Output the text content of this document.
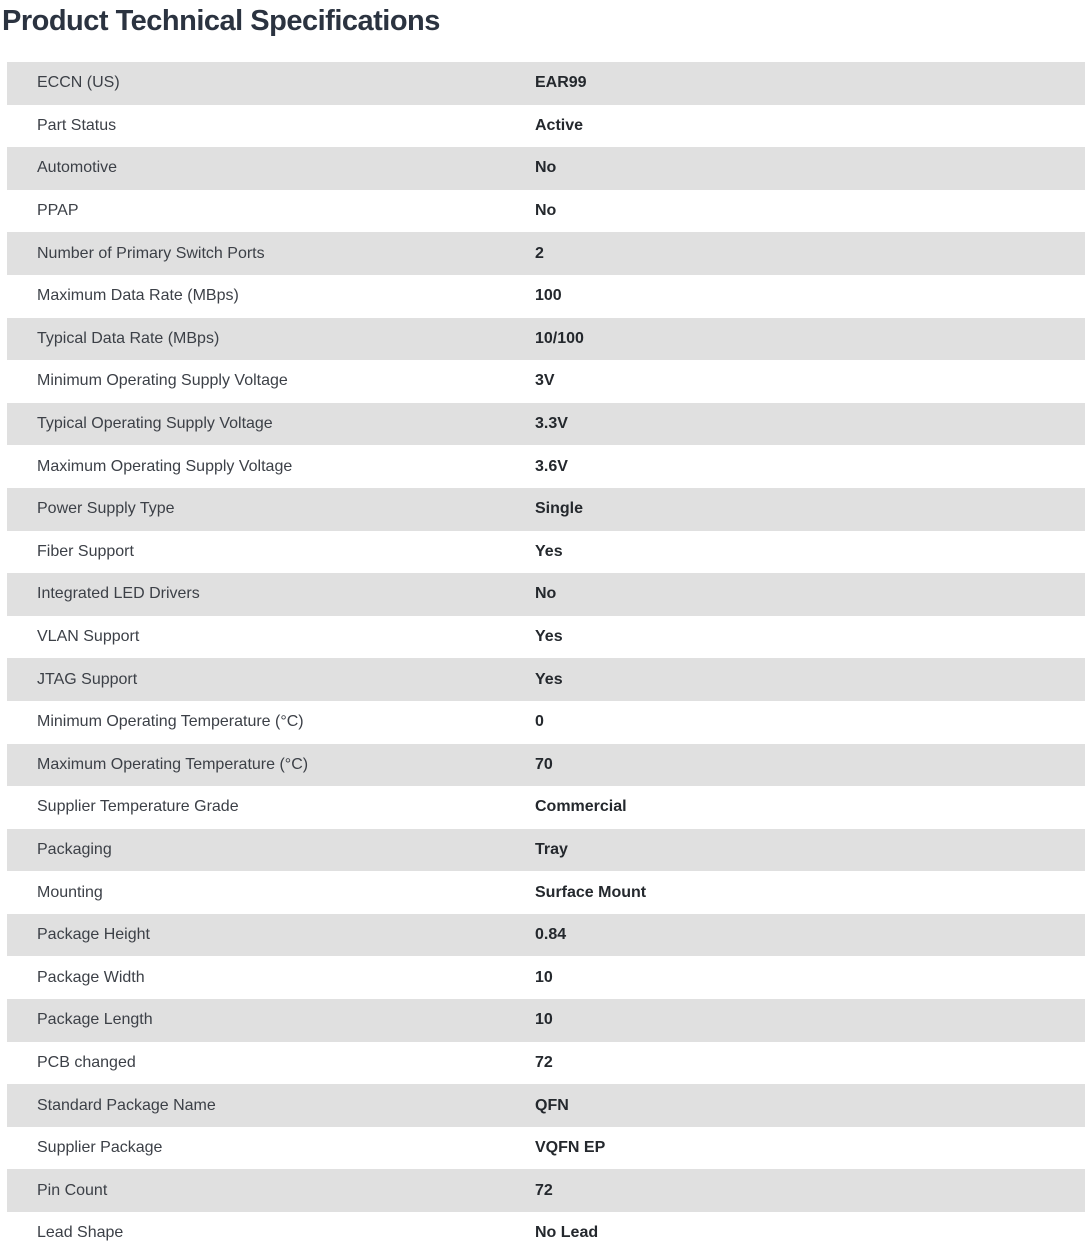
Product Technical Specifications
ECCN (US)	EAR99
Part Status	Active
Automotive	No
PPAP	No
Number of Primary Switch Ports	2
Maximum Data Rate (MBps)	100
Typical Data Rate (MBps)	10/100
Minimum Operating Supply Voltage	3V
Typical Operating Supply Voltage	3.3V
Maximum Operating Supply Voltage	3.6V
Power Supply Type	Single
Fiber Support	Yes
Integrated LED Drivers	No
VLAN Support	Yes
JTAG Support	Yes
Minimum Operating Temperature (°C)	0
Maximum Operating Temperature (°C)	70
Supplier Temperature Grade	Commercial
Packaging	Tray
Mounting	Surface Mount
Package Height	0.84
Package Width	10
Package Length	10
PCB changed	72
Standard Package Name	QFN
Supplier Package	VQFN EP
Pin Count	72
Lead Shape	No Lead
